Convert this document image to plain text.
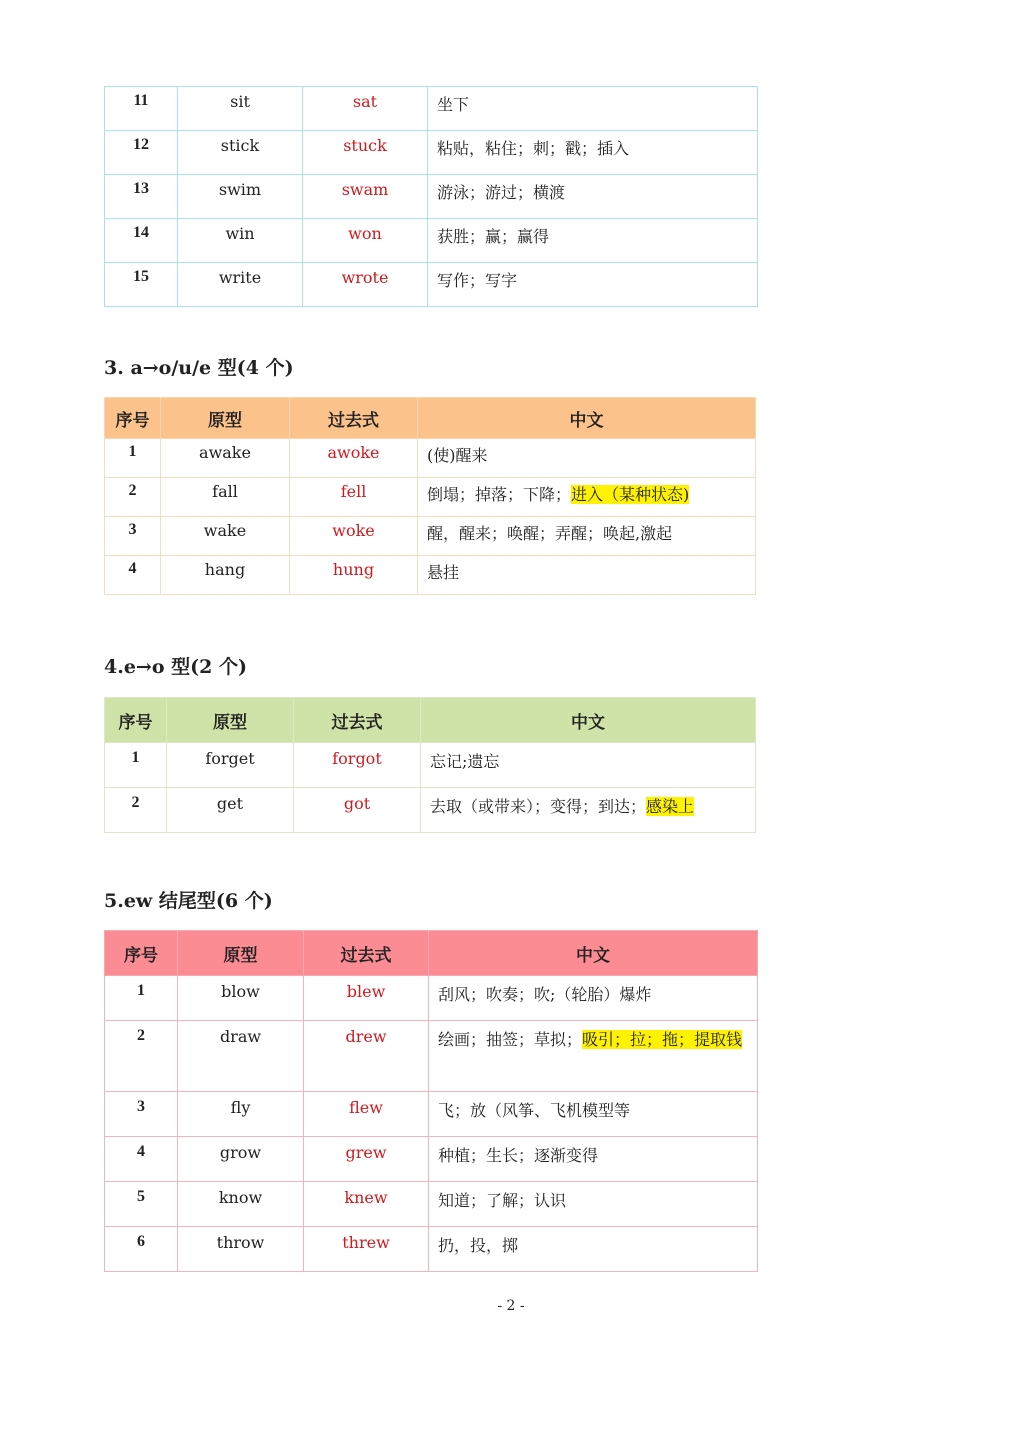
11	sit	sat	坐下
12	stick	stuck	粘贴，粘住；刺；戳；插入
13	swim	swam	游泳；游过；横渡
14	win	won	获胜；赢；赢得
15	write	wrote	写作；写字
3. a→o/u/e 型(4 个)
序号	原型	过去式	中文
1	awake	awoke	(使)醒来
2	fall	fell	倒塌；掉落；下降；进入（某种状态)
3	wake	woke	醒，醒来；唤醒；弄醒；唤起,激起
4	hang	hung	悬挂
4.e→o 型(2 个)
序号	原型	过去式	中文
1	forget	forgot	忘记;遗忘
2	get	got	去取（或带来）；变得；到达；感染上
5.ew 结尾型(6 个)
序号	原型	过去式	中文
1	blow	blew	刮风；吹奏；吹;（轮胎）爆炸
2	draw	drew	绘画；抽签；草拟；吸引；拉；拖；提取钱
3	fly	flew	飞；放（风筝、飞机模型等
4	grow	grew	种植；生长；逐渐变得
5	know	knew	知道；了解；认识
6	throw	threw	扔，投，掷
- 2 -
